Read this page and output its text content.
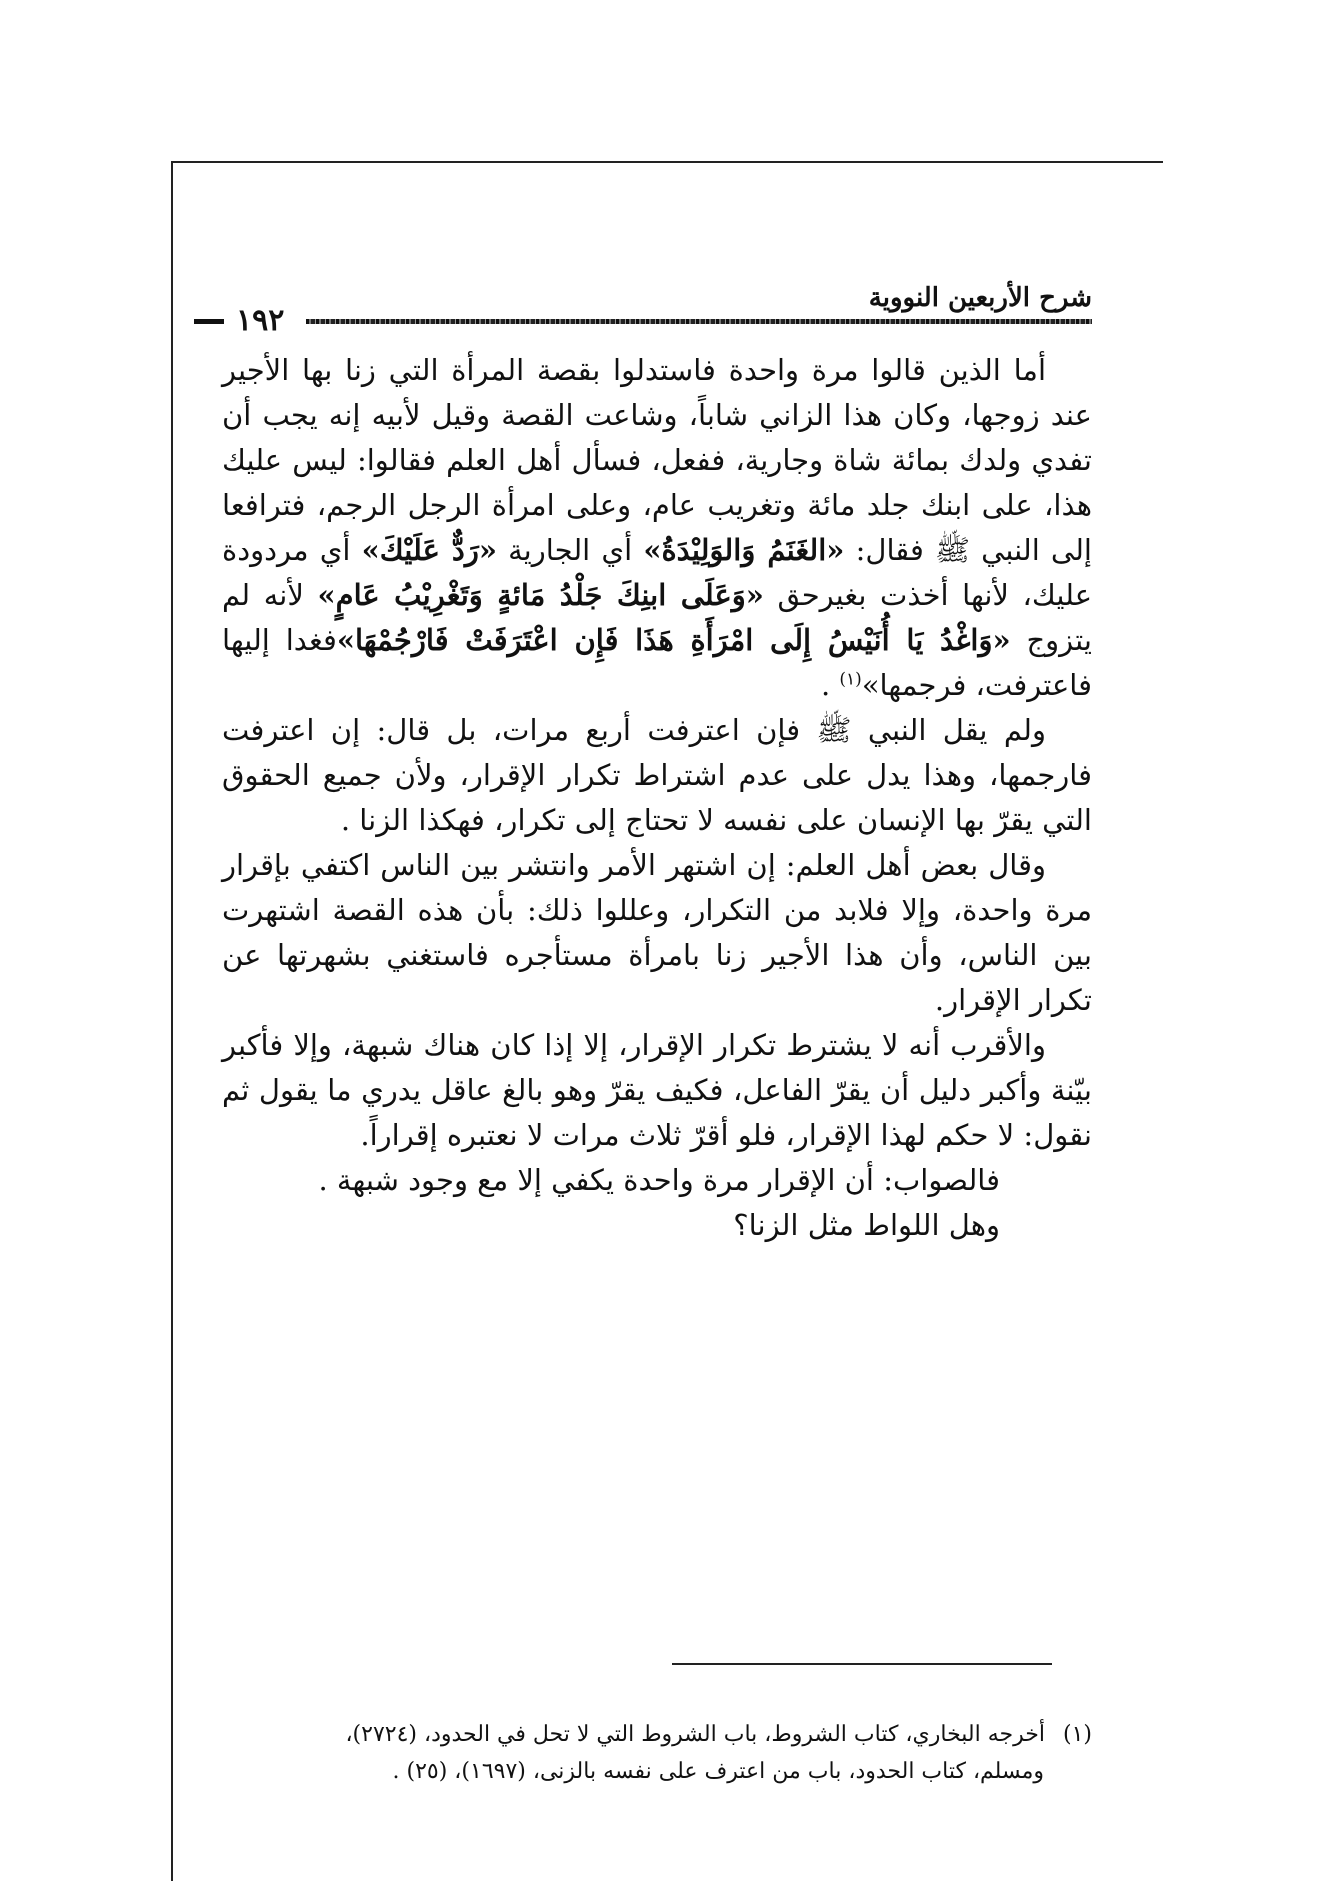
شرح الأربعين النووية
١٩٢

أما الذين قالوا مرة واحدة فاستدلوا بقصة المرأة التي زنا بها الأجير عند زوجها، وكان هذا الزاني شاباً، وشاعت القصة وقيل لأبيه إنه يجب أن تفدي ولدك بمائة شاة وجارية، ففعل، فسأل أهل العلم فقالوا: ليس عليك هذا، على ابنك جلد مائة وتغريب عام، وعلى امرأة الرجل الرجم، فترافعا إلى النبي ﷺ فقال: «الغَنَمُ وَالوَلِيْدَةُ» أي الجارية «رَدٌّ عَلَيْكَ» أي مردودة عليك، لأنها أخذت بغيرحق «وَعَلَى ابنِكَ جَلْدُ مَائةٍ وَتَغْرِيْبُ عَامٍ» لأنه لم يتزوج «وَاغْدُ يَا أُنَيْسُ إِلَى امْرَأَةِ هَذَا فَإِن اعْتَرَفَتْ فَارْجُمْهَا»فغدا إليها فاعترفت، فرجمها»$^{(١)}$ .

ولم يقل النبي ﷺ فإن اعترفت أربع مرات، بل قال: إن اعترفت فارجمها، وهذا يدل على عدم اشتراط تكرار الإقرار، ولأن جميع الحقوق التي يقرّ بها الإنسان على نفسه لا تحتاج إلى تكرار، فهكذا الزنا .

وقال بعض أهل العلم: إن اشتهر الأمر وانتشر بين الناس اكتفي بإقرار مرة واحدة، وإلا فلابد من التكرار، وعللوا ذلك: بأن هذه القصة اشتهرت بين الناس، وأن هذا الأجير زنا بامرأة مستأجره فاستغني بشهرتها عن تكرار الإقرار.

والأقرب أنه لا يشترط تكرار الإقرار، إلا إذا كان هناك شبهة، وإلا فأكبر بيّنة وأكبر دليل أن يقرّ الفاعل، فكيف يقرّ وهو بالغ عاقل يدري ما يقول ثم نقول: لا حكم لهذا الإقرار، فلو أقرّ ثلاث مرات لا نعتبره إقراراً.

فالصواب: أن الإقرار مرة واحدة يكفي إلا مع وجود شبهة .

وهل اللواط مثل الزنا؟

(١)أخرجه البخاري، كتاب الشروط، باب الشروط التي لا تحل في الحدود، (٢٧٢٤)،

ومسلم، كتاب الحدود، باب من اعترف على نفسه بالزنى، (١٦٩٧)، (٢٥) .
